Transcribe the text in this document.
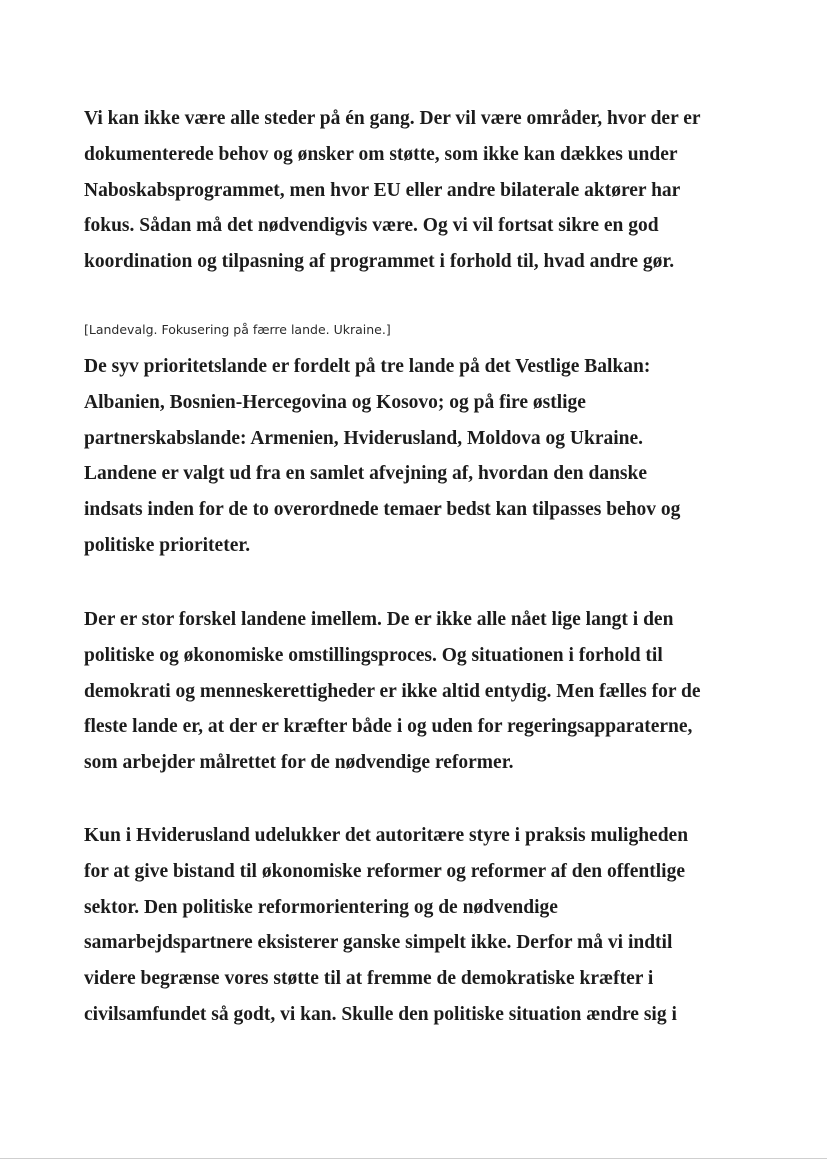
Vi kan ikke være alle steder på én gang. Der vil være områder, hvor der er
dokumenterede behov og ønsker om støtte, som ikke kan dækkes under
Naboskabsprogrammet, men hvor EU eller andre bilaterale aktører har
fokus. Sådan må det nødvendigvis være. Og vi vil fortsat sikre en god
koordination og tilpasning af programmet i forhold til, hvad andre gør.

[Landevalg. Fokusering på færre lande. Ukraine.]

De syv prioritetslande er fordelt på tre lande på det Vestlige Balkan:
Albanien, Bosnien-Hercegovina og Kosovo; og på fire østlige
partnerskabslande: Armenien, Hviderusland, Moldova og Ukraine.
Landene er valgt ud fra en samlet afvejning af, hvordan den danske
indsats inden for de to overordnede temaer bedst kan tilpasses behov og
politiske prioriteter.

Der er stor forskel landene imellem. De er ikke alle nået lige langt i den
politiske og økonomiske omstillingsproces. Og situationen i forhold til
demokrati og menneskerettigheder er ikke altid entydig. Men fælles for de
fleste lande er, at der er kræfter både i og uden for regeringsapparaterne,
som arbejder målrettet for de nødvendige reformer.

Kun i Hviderusland udelukker det autoritære styre i praksis muligheden
for at give bistand til økonomiske reformer og reformer af den offentlige
sektor. Den politiske reformorientering og de nødvendige
samarbejdspartnere eksisterer ganske simpelt ikke. Derfor må vi indtil
videre begrænse vores støtte til at fremme de demokratiske kræfter i
civilsamfundet så godt, vi kan. Skulle den politiske situation ændre sig i
